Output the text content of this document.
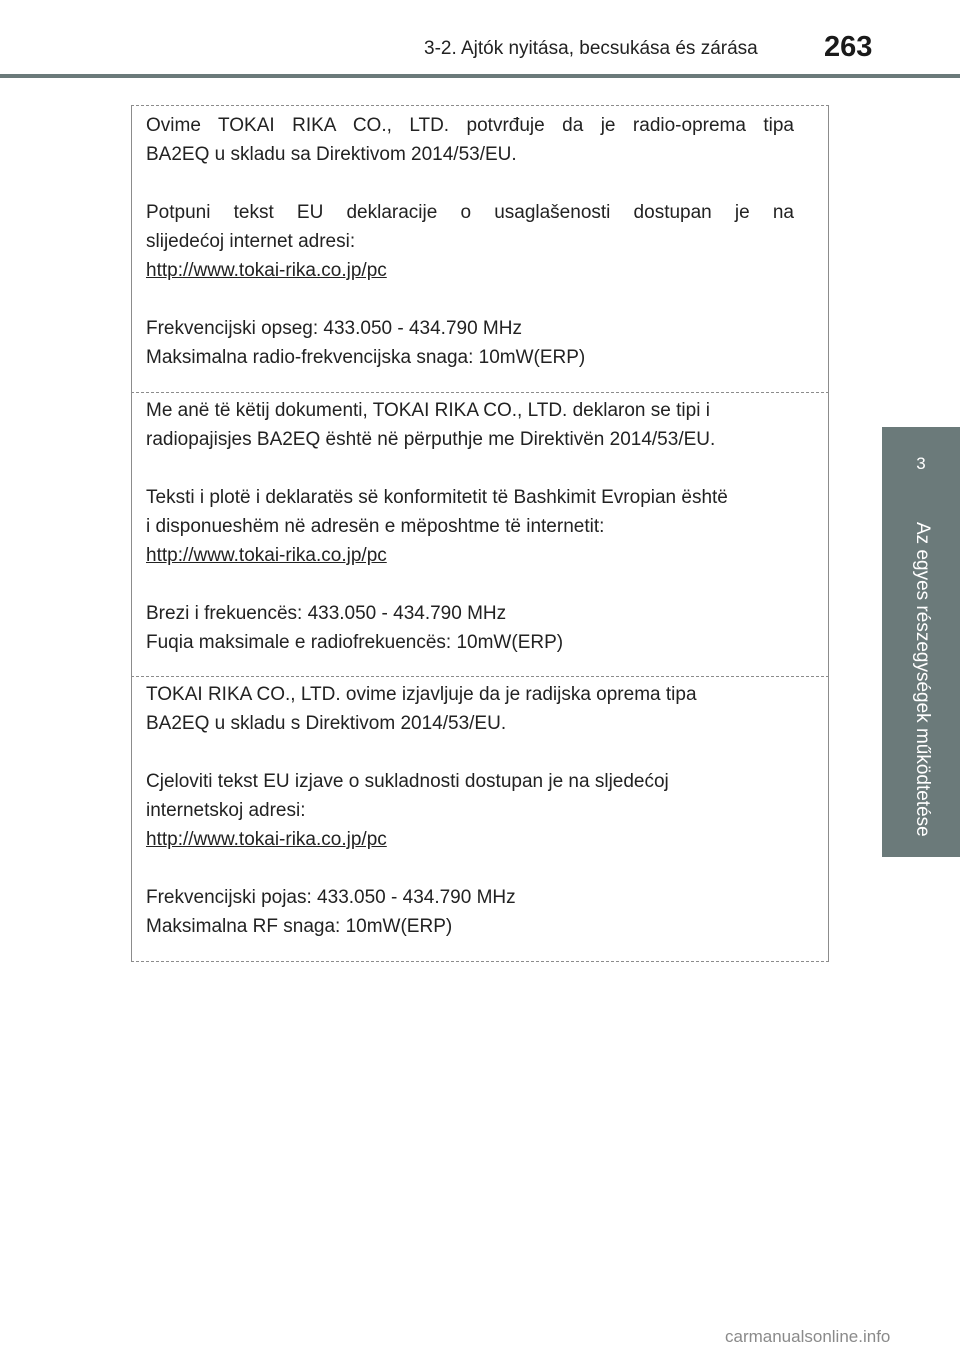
3-2. Ajtók nyitása, becsukása és zárása 263
3
Az egyes részegységek működtetése

Ovime TOKAI RIKA CO., LTD. potvrđuje da je radio-oprema tipa

BA2EQ u skladu sa Direktivom 2014/53/EU.

Potpuni tekst EU deklaracije o usaglašenosti dostupan je na

slijedećoj internet adresi:

http://www.tokai-rika.co.jp/pc

Frekvencijski opseg: 433.050 - 434.790 MHz

Maksimalna radio-frekvencijska snaga: 10mW(ERP)

Me anë të këtij dokumenti, TOKAI RIKA CO., LTD. deklaron se tipi i

radiopajisjes BA2EQ është në përputhje me Direktivën 2014/53/EU.

Teksti i plotë i deklaratës së konformitetit të Bashkimit Evropian është

i disponueshëm në adresën e mëposhtme të internetit:

http://www.tokai-rika.co.jp/pc

Brezi i frekuencës: 433.050 - 434.790 MHz

Fuqia maksimale e radiofrekuencës: 10mW(ERP)

TOKAI RIKA CO., LTD. ovime izjavljuje da je radijska oprema tipa

BA2EQ u skladu s Direktivom 2014/53/EU.

Cjeloviti tekst EU izjave o sukladnosti dostupan je na sljedećoj

internetskoj adresi:

http://www.tokai-rika.co.jp/pc

Frekvencijski pojas: 433.050 - 434.790 MHz

Maksimalna RF snaga: 10mW(ERP)

carmanualsonline.info
